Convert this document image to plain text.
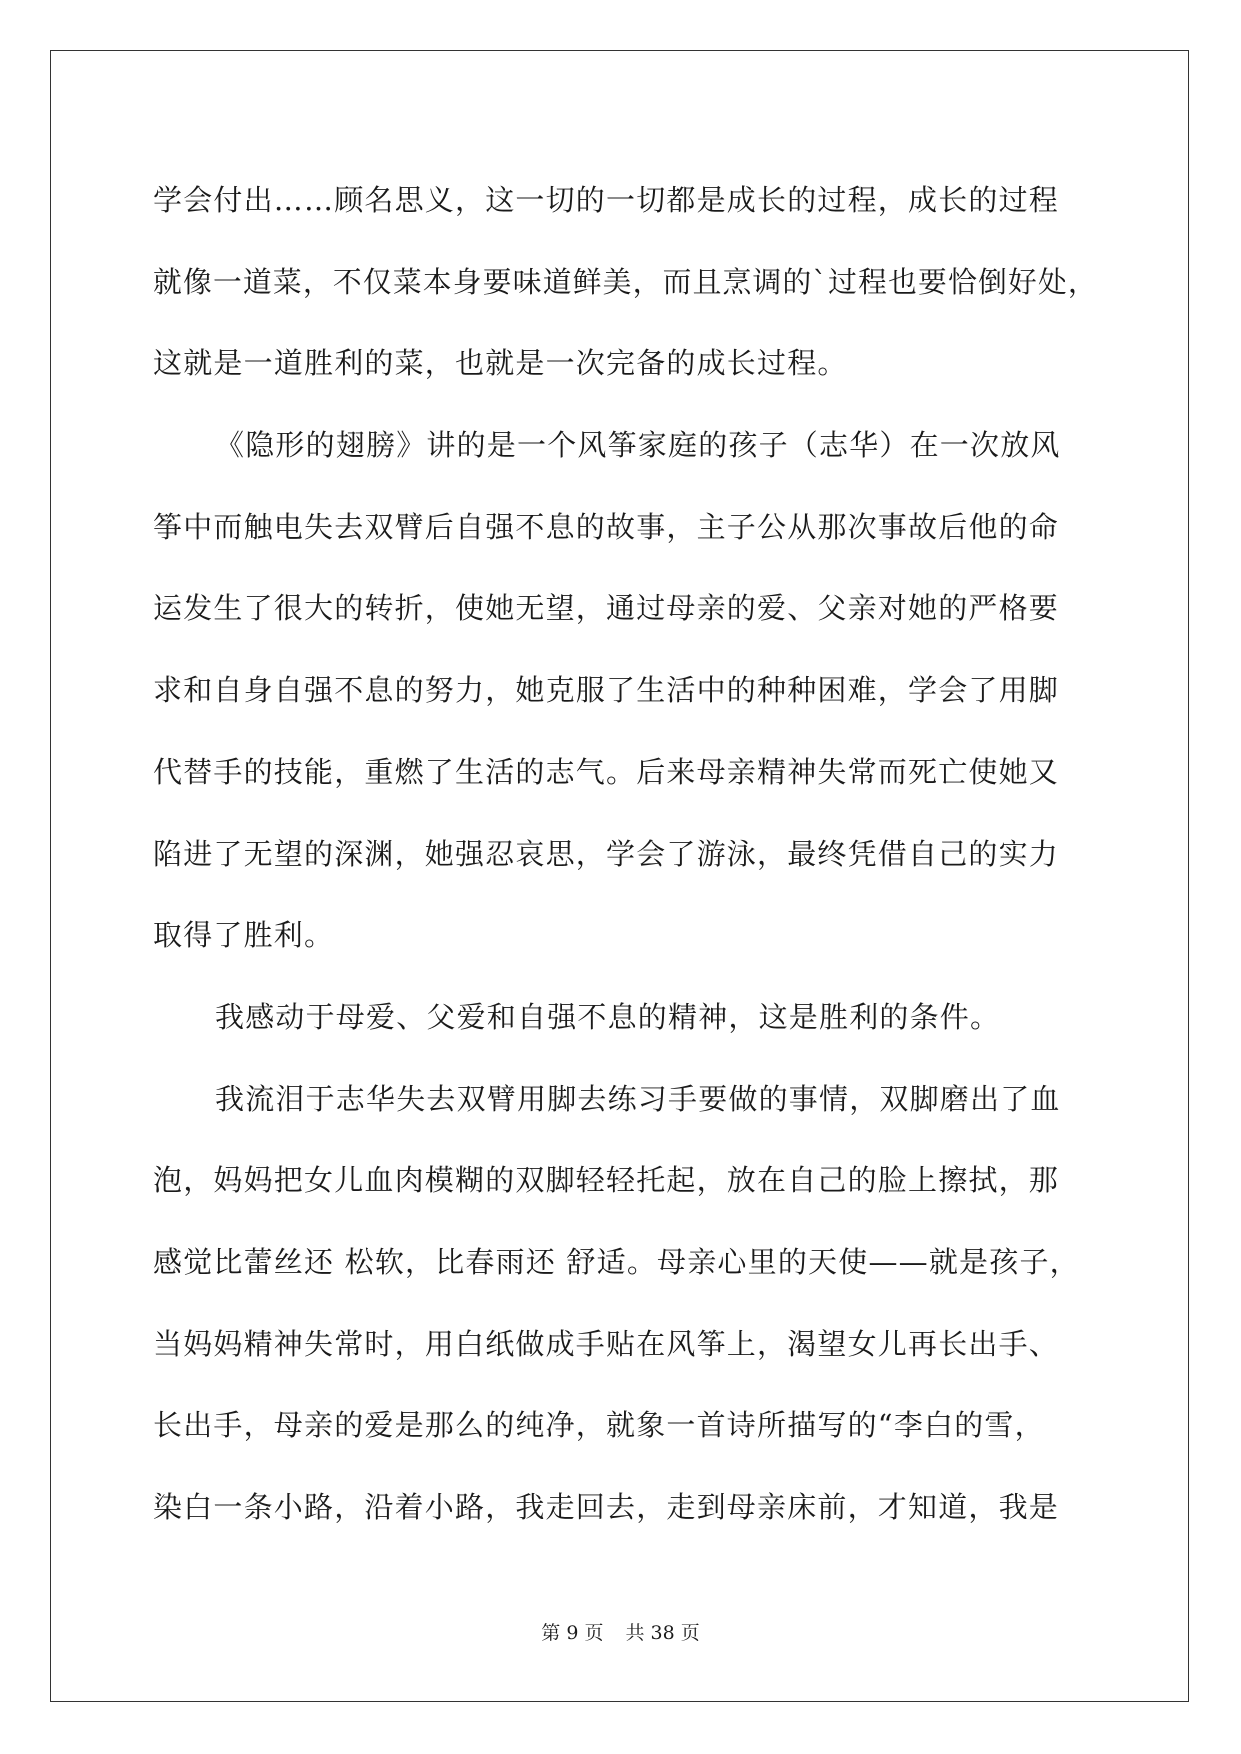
学会付出……顾名思义，这一切的一切都是成长的过程，成长的过程
就像一道菜，不仅菜本身要味道鲜美，而且烹调的`过程也要恰倒好处，
这就是一道胜利的菜，也就是一次完备的成长过程。

《隐形的翅膀》讲的是一个风筝家庭的孩子（志华）在一次放风
筝中而触电失去双臂后自强不息的故事，主子公从那次事故后他的命
运发生了很大的转折，使她无望，通过母亲的爱、父亲对她的严格要
求和自身自强不息的努力，她克服了生活中的种种困难，学会了用脚
代替手的技能，重燃了生活的志气。后来母亲精神失常而死亡使她又
陷进了无望的深渊，她强忍哀思，学会了游泳，最终凭借自己的实力
取得了胜利。

我感动于母爱、父爱和自强不息的精神，这是胜利的条件。

我流泪于志华失去双臂用脚去练习手要做的事情，双脚磨出了血
泡，妈妈把女儿血肉模糊的双脚轻轻托起，放在自己的脸上擦拭，那
感觉比蕾丝还 松软，比春雨还 舒适。母亲心里的天使——就是孩子，
当妈妈精神失常时，用白纸做成手贴在风筝上，渴望女儿再长出手、
长出手，母亲的爱是那么的纯净，就象一首诗所描写的“李白的雪，
染白一条小路，沿着小路，我走回去，走到母亲床前，才知道，我是

第 9 页 共 38 页
